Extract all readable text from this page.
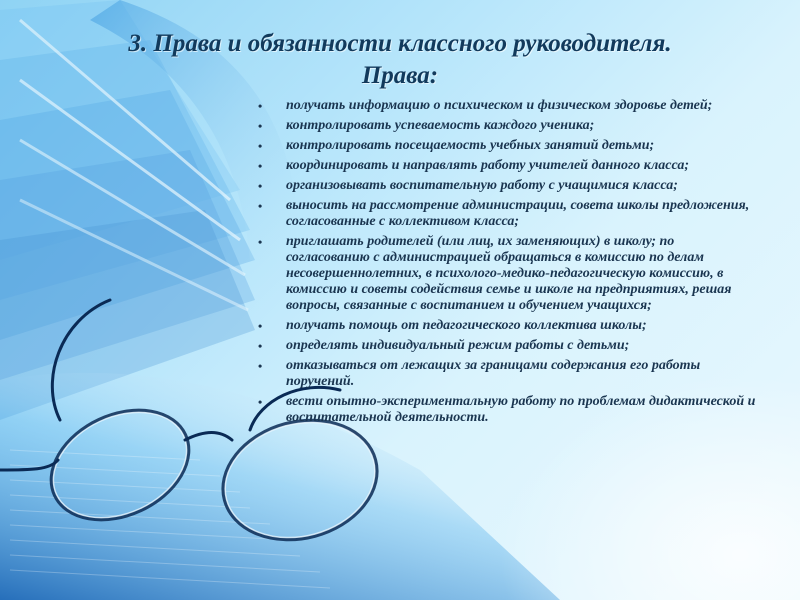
3. Права и обязанности классного руководителя.
Права:
• получать информацию о психическом и физическом здоровье детей;
• контролировать успеваемость каждого ученика;
• контролировать посещаемость учебных занятий детьми;
• координировать и направлять работу учителей данного класса;
• организовывать воспитательную работу с учащимися класса;
• выносить на рассмотрение администрации, совета школы предложения, согласованные с коллективом класса;
• приглашать родителей (или лиц, их заменяющих) в школу; по согласованию с администрацией обращаться в комиссию по делам несовершеннолетних, в психолого-медико-педагогическую комиссию, в комиссию и советы содействия семье и школе на предприятиях, решая вопросы, связанные с воспитанием и обучением учащихся;
• получать помощь от педагогического коллектива школы;
• определять индивидуальный режим работы с детьми;
• отказываться от лежащих за границами содержания его работы поручений.
• вести опытно-экспериментальную работу по проблемам дидактической и воспитательной деятельности.
